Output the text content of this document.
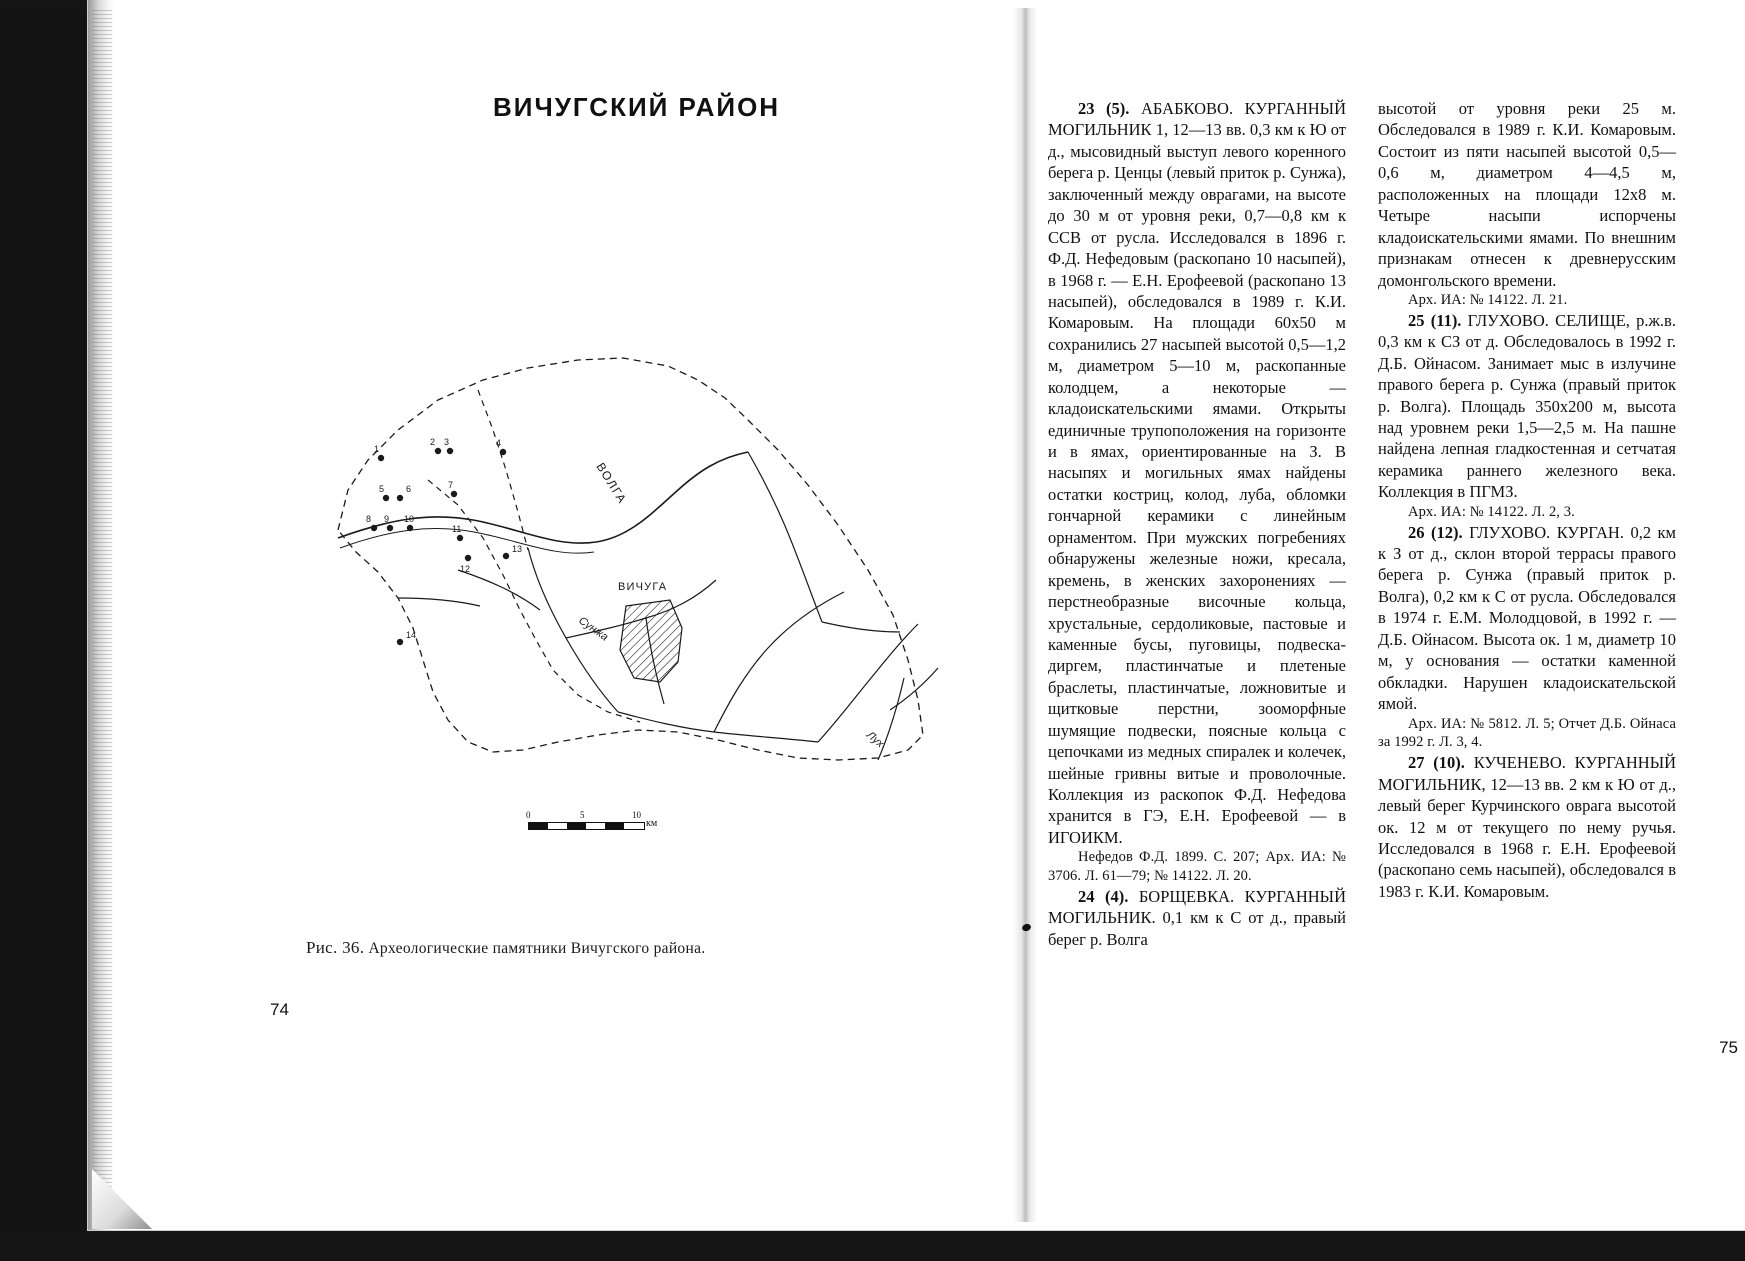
ВИЧУГСКИЙ РАЙОН
1
2 3	4
5 6	7
8 9 10
11
12
13
14
ВОЛГА
Сунжа
Лух
ВИЧУГА
0	5	10
км
Рис. 36. Археологические памятники Вичугского района.
74

23 (5). АБАБКОВО. КУРГАННЫЙ МОГИЛЬНИК 1, 12—13 вв. 0,3 км к Ю от д., мысовидный выступ левого коренного берега р. Ценцы (левый приток р. Сунжа), заключенный между оврагами, на высоте до 30 м от уровня реки, 0,7—0,8 км к ССВ от русла. Исследовался в 1896 г. Ф.Д. Нефедовым (раскопано 10 насыпей), в 1968 г. — Е.Н. Ерофеевой (раскопано 13 насыпей), обследовался в 1989 г. К.И. Комаровым. На площади 60х50 м сохранились 27 насыпей высотой 0,5—1,2 м, диаметром 5—10 м, раскопанные колодцем, а некоторые — кладоискательскими ямами. Открыты единичные трупоположения на горизонте и в ямах, ориентированные на З. В насыпях и могильных ямах найдены остатки костриц, колод, луба, обломки гончарной керамики с линейным орнаментом. При мужских погребениях обнаружены железные ножи, кресала, кремень, в женских захоронениях — перстнеобразные височные кольца, хрустальные, сердоликовые, пастовые и каменные бусы, пуговицы, подвеска-диргем, пластинчатые и плетеные браслеты, пластинчатые, ложновитые и щитковые перстни, зооморфные шумящие подвески, поясные кольца с цепочками из медных спиралек и колечек, шейные гривны витые и проволочные. Коллекция из раскопок Ф.Д. Нефедова хранится в ГЭ, Е.Н. Ерофеевой — в ИГОИКМ.

Нефедов Ф.Д. 1899. С. 207; Арх. ИА: № 3706. Л. 61—79; № 14122. Л. 20.

24 (4). БОРЩЕВКА. КУРГАННЫЙ МОГИЛЬНИК. 0,1 км к С от д., правый берег р. Волга

высотой от уровня реки 25 м. Обследовался в 1989 г. К.И. Комаровым. Состоит из пяти насыпей высотой 0,5—0,6 м, диаметром 4—4,5 м, расположенных на площади 12х8 м. Четыре насыпи испорчены кладоискательскими ямами. По внешним признакам отнесен к древнерусским домонгольского времени.

Арх. ИА: № 14122. Л. 21.

25 (11). ГЛУХОВО. СЕЛИЩЕ, р.ж.в. 0,3 км к СЗ от д. Обследовалось в 1992 г. Д.Б. Ойнасом. Занимает мыс в излучине правого берега р. Сунжа (правый приток р. Волга). Площадь 350х200 м, высота над уровнем реки 1,5—2,5 м. На пашне найдена лепная гладкостенная и сетчатая керамика раннего железного века. Коллекция в ПГМЗ.

Арх. ИА: № 14122. Л. 2, 3.

26 (12). ГЛУХОВО. КУРГАН. 0,2 км к З от д., склон второй террасы правого берега р. Сунжа (правый приток р. Волга), 0,2 км к С от русла. Обследовался в 1974 г. Е.М. Молодцовой, в 1992 г. — Д.Б. Ойнасом. Высота ок. 1 м, диаметр 10 м, у основания — остатки каменной обкладки. Нарушен кладоискательской ямой.

Арх. ИА: № 5812. Л. 5; Отчет Д.Б. Ойнаса за 1992 г. Л. 3, 4.

27 (10). КУЧЕНЕВО. КУРГАННЫЙ МОГИЛЬНИК, 12—13 вв. 2 км к Ю от д., левый берег Курчинского оврага высотой ок. 12 м от текущего по нему ручья. Исследовался в 1968 г. Е.Н. Ерофеевой (раскопано семь насыпей), обследовался в 1983 г. К.И. Комаровым.

75
